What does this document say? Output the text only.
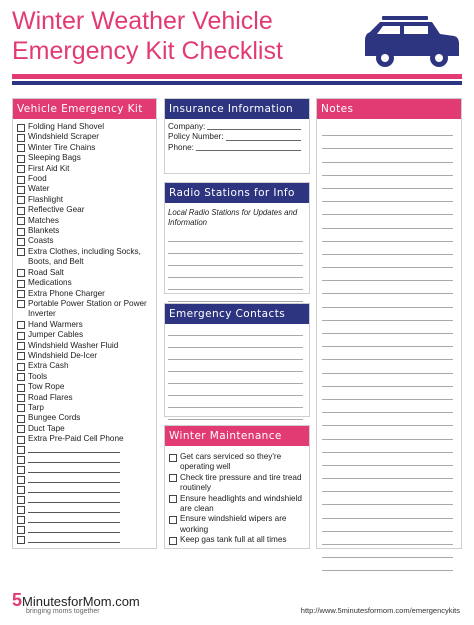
Winter Weather Vehicle
Emergency Kit Checklist
Vehicle Emergency Kit
Folding Hand Shovel
Windshield Scraper
Winter Tire Chains
Sleeping Bags
First Aid Kit
Food
Water
Flashlight
Reflective Gear
Matches
Blankets
Coasts
Extra Clothes, including Socks, Boots, and Belt
Road Salt
Medications
Extra Phone Charger
Portable Power Station or Power Inverter
Hand Warmers
Jumper Cables
Windshield Washer Fluid
Windshield De-Icer
Extra Cash
Tools
Tow Rope
Road Flares
Tarp
Bungee Cords
Duct Tape
Extra Pre-Paid Cell Phone
Insurance Information
Company:
Policy Number:
Phone:
Radio Stations for Info
Local Radio Stations for Updates and Information
Emergency Contacts
Winter Maintenance
Get cars serviced so they're operating well
Check tire pressure and tire tread routinely
Ensure headlights and windshield are clean
Ensure windshield wipers are working
Keep gas tank full at all times
Notes
5MinutesforMom.com
bringing moms together	http://www.5minutesformom.com/emergencykits
